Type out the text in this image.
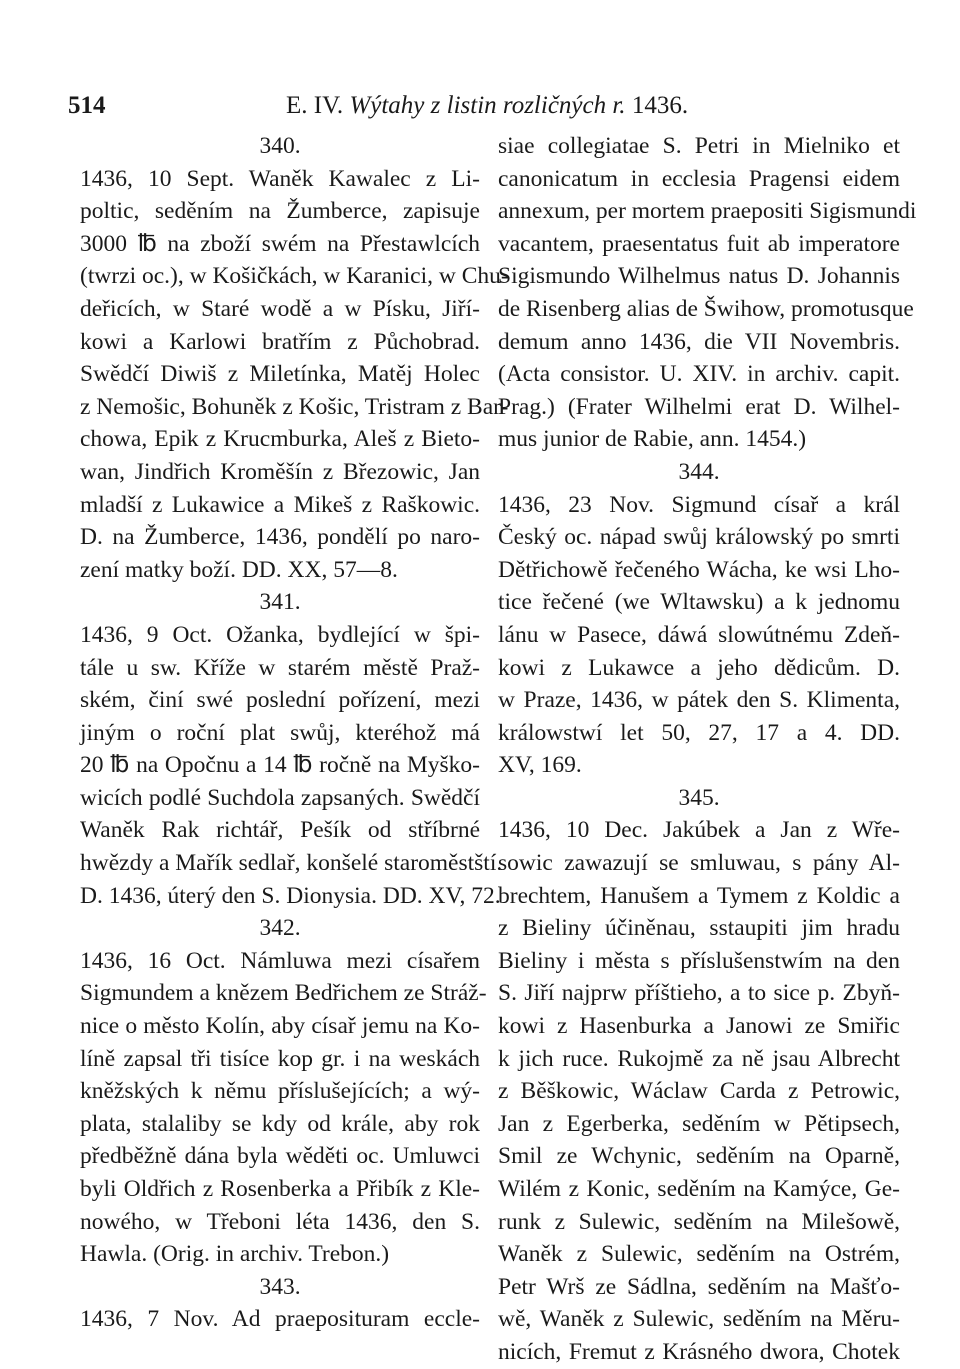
514	E. IV. Wýtahy z listin rozličných r. 1436.
340.
1436, 10 Sept. Waněk Kawalec z Li-
poltic, seděním na Žumberce, zapisuje
3000 ℔ na zboží swém na Přestawlcích
(twrzi oc.), w Košičkách, w Karanici, w Chu-
deřicích, w Staré wodě a w Písku, Jiří-
kowi a Karlowi bratřím z Půchobrad.
Swědčí Diwiš z Miletínka, Matěj Holec
z Nemošic, Bohuněk z Košic, Tristram z Bar-
chowa, Epik z Krucmburka, Aleš z Bieto-
wan, Jindřich Kroměšín z Březowic, Jan
mladší z Lukawice a Mikeš z Raškowic.
D. na Žumberce, 1436, pondělí po naro-
zení matky boží. DD. XX, 57—8.
341.
1436, 9 Oct. Ožanka, bydlející w špi-
tále u sw. Kříže w starém městě Praž-
ském, činí swé poslední pořízení, mezi
jiným o roční plat swůj, kteréhož má
20 ℔ na Opočnu a 14 ℔ ročně na Myško-
wicích podlé Suchdola zapsaných. Swědčí
Waněk Rak richtář, Pešík od stříbrné
hwězdy a Mařík sedlař, konšelé staroměstští.
D. 1436, úterý den S. Dionysia. DD. XV, 72.
342.
1436, 16 Oct. Námluwa mezi císařem
Sigmundem a knězem Bedřichem ze Stráž-
nice o město Kolín, aby císař jemu na Ko-
líně zapsal tři tisíce kop gr. i na weskách
kněžských k němu příslušejících; a wý-
plata, stalaliby se kdy od krále, aby rok
předběžně dána byla wěděti oc. Umluwci
byli Oldřich z Rosenberka a Přibík z Kle-
nowého, w Třeboni léta 1436, den S.
Hawla. (Orig. in archiv. Trebon.)
343.
1436, 7 Nov. Ad praeposituram eccle-
siae collegiatae S. Petri in Mielniko et
canonicatum in ecclesia Pragensi eidem
annexum, per mortem praepositi Sigismundi
vacantem, praesentatus fuit ab imperatore
Sigismundo Wilhelmus natus D. Johannis
de Risenberg alias de Šwihow, promotusque
demum anno 1436, die VII Novembris.
(Acta consistor. U. XIV. in archiv. capit.
Prag.) (Frater Wilhelmi erat D. Wilhel-
mus junior de Rabie, ann. 1454.)
344.
1436, 23 Nov. Sigmund císař a král
Český oc. nápad swůj králowský po smrti
Dětřichowě řečeného Wácha, ke wsi Lho-
tice řečené (we Wltawsku) a k jednomu
lánu w Pasece, dáwá slowútnému Zdeň-
kowi z Lukawce a jeho dědicům. D.
w Praze, 1436, w pátek den S. Klimenta,
králowstwí let 50, 27, 17 a 4. DD.
XV, 169.
345.
1436, 10 Dec. Jakúbek a Jan z Wře-
sowic zawazují se smluwau, s pány Al-
brechtem, Hanušem a Tymem z Koldic a
z Bieliny účiněnau, sstaupiti jim hradu
Bieliny i města s příslušenstwím na den
S. Jiří najprw příštieho, a to sice p. Zbyň-
kowi z Hasenburka a Janowi ze Smiřic
k jich ruce. Rukojmě za ně jsau Albrecht
z Běškowic, Wáclaw Carda z Petrowic,
Jan z Egerberka, seděním w Pětipsech,
Smil ze Wchynic, seděním na Oparně,
Wilém z Konic, seděním na Kamýce, Ge-
runk z Sulewic, seděním na Milešowě,
Waněk z Sulewic, seděním na Ostrém,
Petr Wrš ze Sádlna, seděním na Mašťo-
wě, Waněk z Sulewic, seděním na Měru-
nicích, Fremut z Krásného dwora, Chotek
